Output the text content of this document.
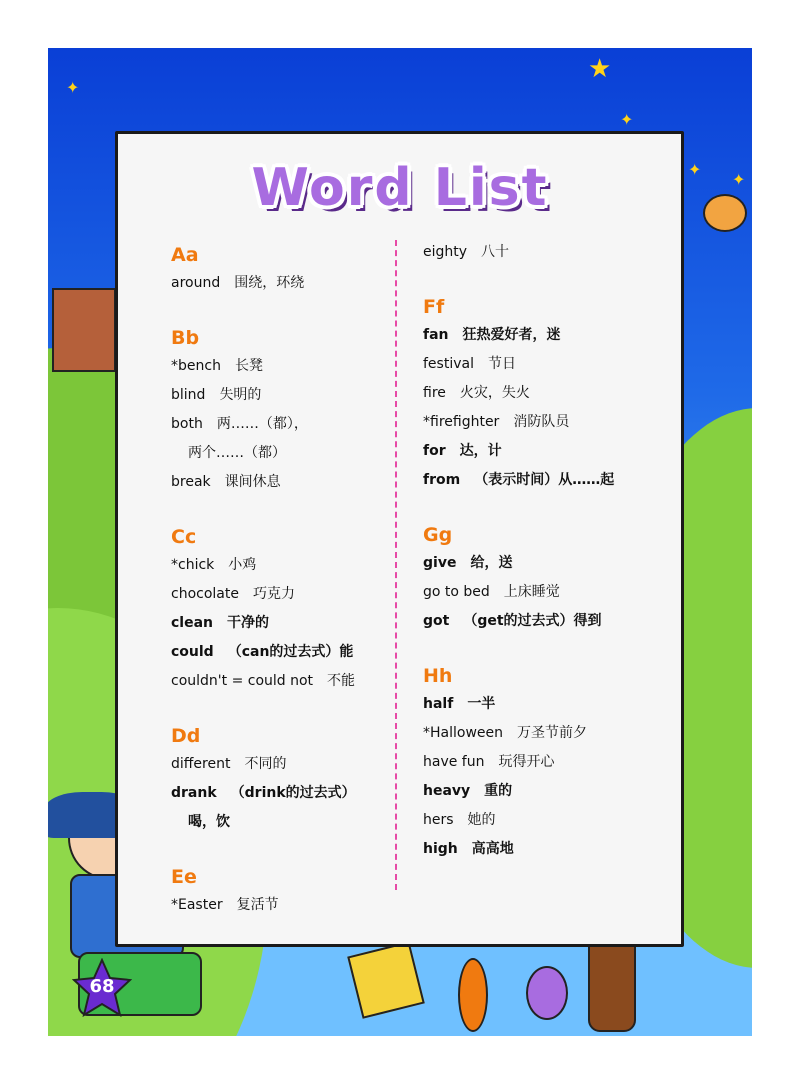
✦
★
✦
✦
✦
68
Word List
Aa
around 围绕，环绕
Bb
*bench 长凳
blind 失明的
both 两……（都），
两个……（都）
break 课间休息
Cc
*chick 小鸡
chocolate 巧克力
clean 干净的
could （can的过去式）能
couldn't = could not 不能
Dd
different 不同的
drank （drink的过去式）
喝，饮
Ee
*Easter 复活节
eighty 八十
Ff
fan 狂热爱好者，迷
festival 节日
fire 火灾，失火
*firefighter 消防队员
for 达，计
from （表示时间）从……起
Gg
give 给，送
go to bed 上床睡觉
got （get的过去式）得到
Hh
half 一半
*Halloween 万圣节前夕
have fun 玩得开心
heavy 重的
hers 她的
high 高高地
